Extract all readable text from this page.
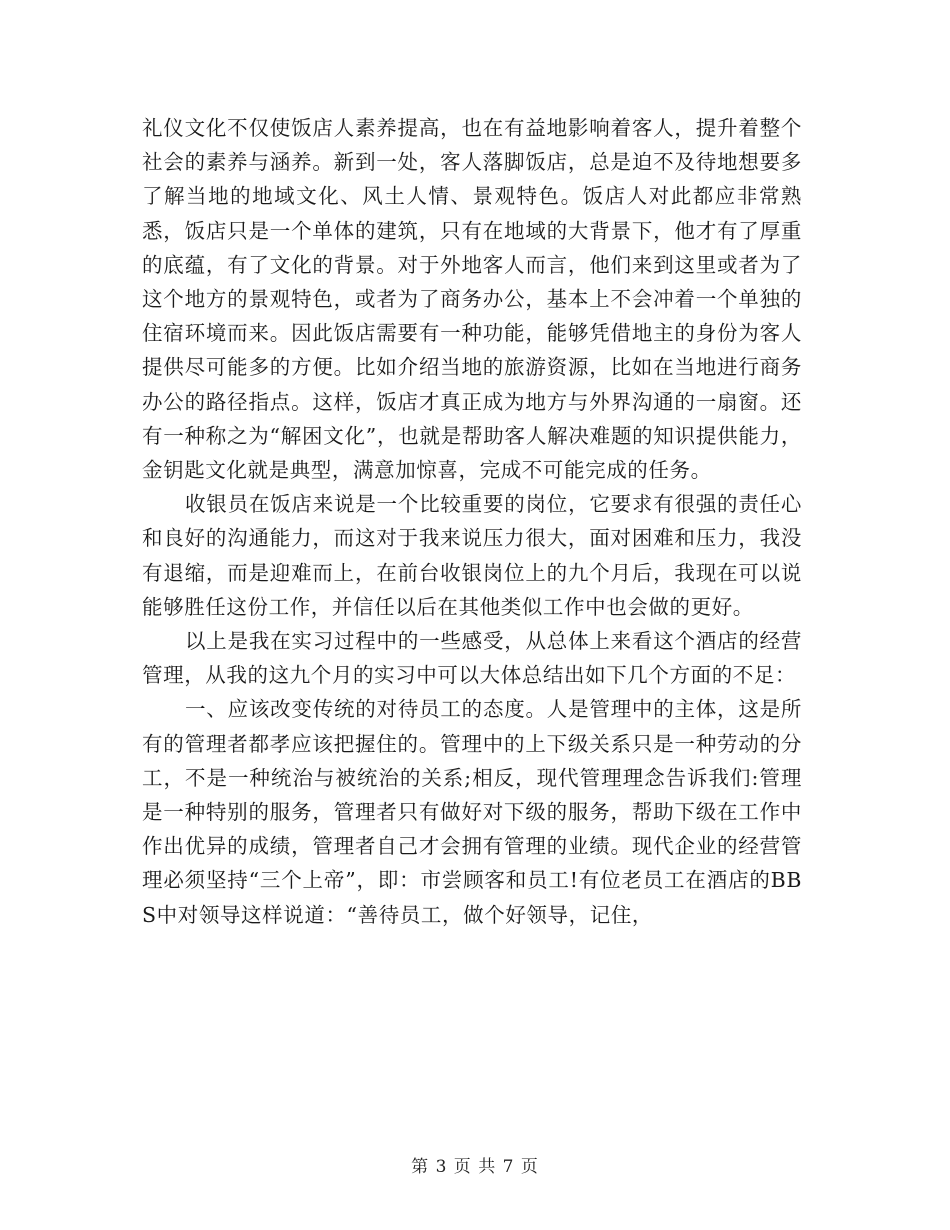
礼仪文化不仅使饭店人素养提高，也在有益地影响着客人，提升着整个社会的素养与涵养。新到一处，客人落脚饭店，总是迫不及待地想要多了解当地的地域文化、风土人情、景观特色。饭店人对此都应非常熟悉，饭店只是一个单体的建筑，只有在地域的大背景下，他才有了厚重的底蕴，有了文化的背景。对于外地客人而言，他们来到这里或者为了这个地方的景观特色，或者为了商务办公，基本上不会冲着一个单独的住宿环境而来。因此饭店需要有一种功能，能够凭借地主的身份为客人提供尽可能多的方便。比如介绍当地的旅游资源，比如在当地进行商务办公的路径指点。这样，饭店才真正成为地方与外界沟通的一扇窗。还有一种称之为“解困文化”，也就是帮助客人解决难题的知识提供能力，金钥匙文化就是典型，满意加惊喜，完成不可能完成的任务。

收银员在饭店来说是一个比较重要的岗位，它要求有很强的责任心和良好的沟通能力，而这对于我来说压力很大，面对困难和压力，我没有退缩，而是迎难而上，在前台收银岗位上的九个月后，我现在可以说能够胜任这份工作，并信任以后在其他类似工作中也会做的更好。

以上是我在实习过程中的一些感受，从总体上来看这个酒店的经营管理，从我的这九个月的实习中可以大体总结出如下几个方面的不足：

一、应该改变传统的对待员工的态度。人是管理中的主体，这是所有的管理者都孝应该把握住的。管理中的上下级关系只是一种劳动的分工，不是一种统治与被统治的关系;相反，现代管理理念告诉我们:管理是一种特别的服务，管理者只有做好对下级的服务，帮助下级在工作中作出优异的成绩，管理者自己才会拥有管理的业绩。现代企业的经营管理必须坚持“三个上帝”，即：市尝顾客和员工!有位老员工在酒店的BBS中对领导这样说道：“善待员工，做个好领导，记住，

第 3 页 共 7 页
